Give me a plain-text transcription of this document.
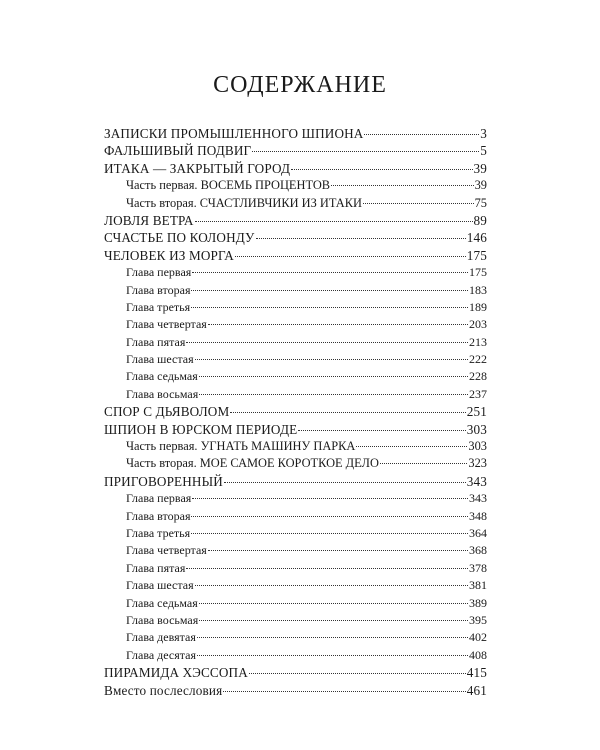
СОДЕРЖАНИЕ
ЗАПИСКИ ПРОМЫШЛЕННОГО ШПИОНА	3
ФАЛЬШИВЫЙ ПОДВИГ	5
ИТАКА — ЗАКРЫТЫЙ ГОРОД	39
Часть первая. ВОСЕМЬ ПРОЦЕНТОВ	39
Часть вторая. СЧАСТЛИВЧИКИ ИЗ ИТАКИ	75
ЛОВЛЯ ВЕТРА	89
СЧАСТЬЕ ПО КОЛОНДУ	146
ЧЕЛОВЕК ИЗ МОРГА	175
Глава первая	175
Глава вторая	183
Глава третья	189
Глава четвертая	203
Глава пятая	213
Глава шестая	222
Глава седьмая	228
Глава восьмая	237
СПОР С ДЬЯВОЛОМ	251
ШПИОН В ЮРСКОМ ПЕРИОДЕ	303
Часть первая. УГНАТЬ МАШИНУ ПАРКА	303
Часть вторая. МОЕ САМОЕ КОРОТКОЕ ДЕЛО	323
ПРИГОВОРЕННЫЙ	343
Глава первая	343
Глава вторая	348
Глава третья	364
Глава четвертая	368
Глава пятая	378
Глава шестая	381
Глава седьмая	389
Глава восьмая	395
Глава девятая	402
Глава десятая	408
ПИРАМИДА ХЭССОПА	415
Вместо послесловия	461
